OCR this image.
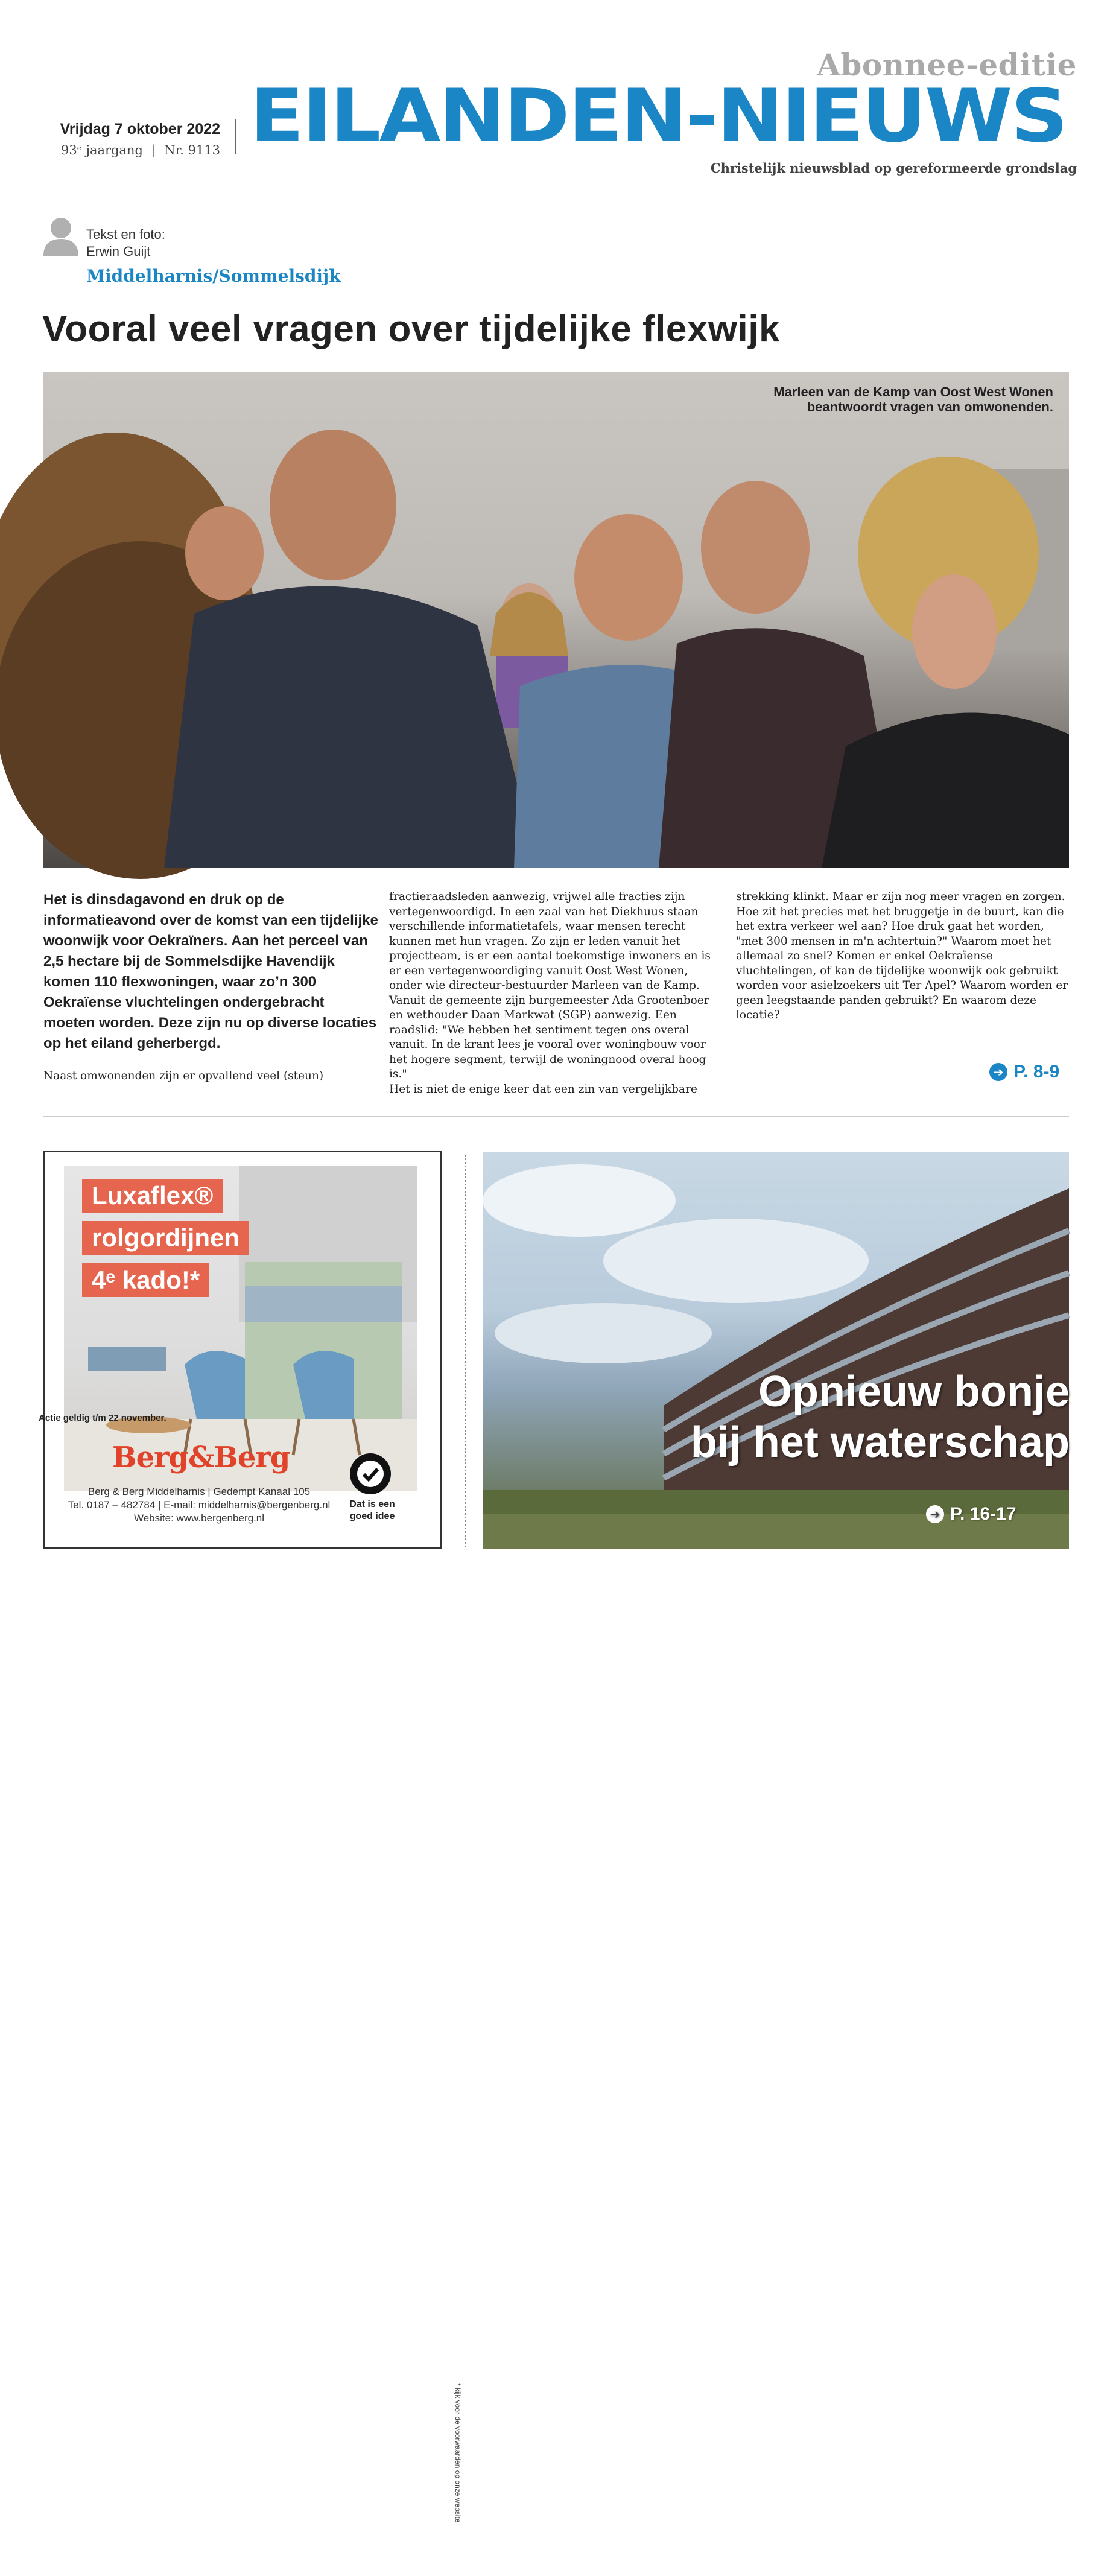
Abonnee-editie
EILANDEN-NIEUWS
Christelijk nieuwsblad op gereformeerde grondslag
Vrijdag 7 oktober 2022
93ᵉ jaargang | Nr. 9113
Tekst en foto:
Erwin Guijt
Middelharnis/Sommelsdijk
Vooral veel vragen over tijdelijke flexwijk
Marleen van de Kamp van Oost West Wonen
beantwoordt vragen van omwonenden.

Het is dinsdagavond en druk op de informatieavond over de komst van een tijdelijke woonwijk voor Oekraïners. Aan het perceel van 2,5 hectare bij de Sommelsdijke Havendijk komen 110 flexwoningen, waar zo’n 300 Oekraïense vluchtelingen ondergebracht moeten worden. Deze zijn nu op diverse locaties op het eiland geherbergd.

Naast omwonenden zijn er opvallend veel (steun)

fractieraadsleden aanwezig, vrijwel alle fracties zijn vertegenwoordigd. In een zaal van het Diekhuus staan verschillende informatietafels, waar mensen terecht kunnen met hun vragen. Zo zijn er leden vanuit het projectteam, is er een aantal toekomstige inwoners en is er een vertegenwoordiging vanuit Oost West Wonen, onder wie directeur-bestuurder Marleen van de Kamp. Vanuit de gemeente zijn burgemeester Ada Grootenboer en wethouder Daan Markwat (SGP) aanwezig. Een raadslid: "We hebben het sentiment tegen ons overal vanuit. In de krant lees je vooral over woningbouw voor het hogere segment, terwijl de woningnood overal hoog is."
Het is niet de enige keer dat een zin van vergelijkbare

strekking klinkt. Maar er zijn nog meer vragen en zorgen. Hoe zit het precies met het bruggetje in de buurt, kan die het extra verkeer wel aan? Hoe druk gaat het worden, "met 300 mensen in m'n achtertuin?" Waarom moet het allemaal zo snel? Komen er enkel Oekraïense vluchtelingen, of kan de tijdelijke woonwijk ook gebruikt worden voor asielzoekers uit Ter Apel? Waarom worden er geen leegstaande panden gebruikt? En waarom deze locatie?

➔ P. 8-9
Luxaflex®
rolgordijnen
4ᵉ kado!*
* kijk voor de voorwaarden op onze website
Actie geldig t/m 22 november.
Berg&Berg
Berg & Berg Middelharnis | Gedempt Kanaal 105
Tel. 0187 – 482784 | E-mail: middelharnis@bergenberg.nl
Website: www.bergenberg.nl
Dat is een goed idee
Opnieuw bonje
bij het waterschap
➔ P. 16-17
